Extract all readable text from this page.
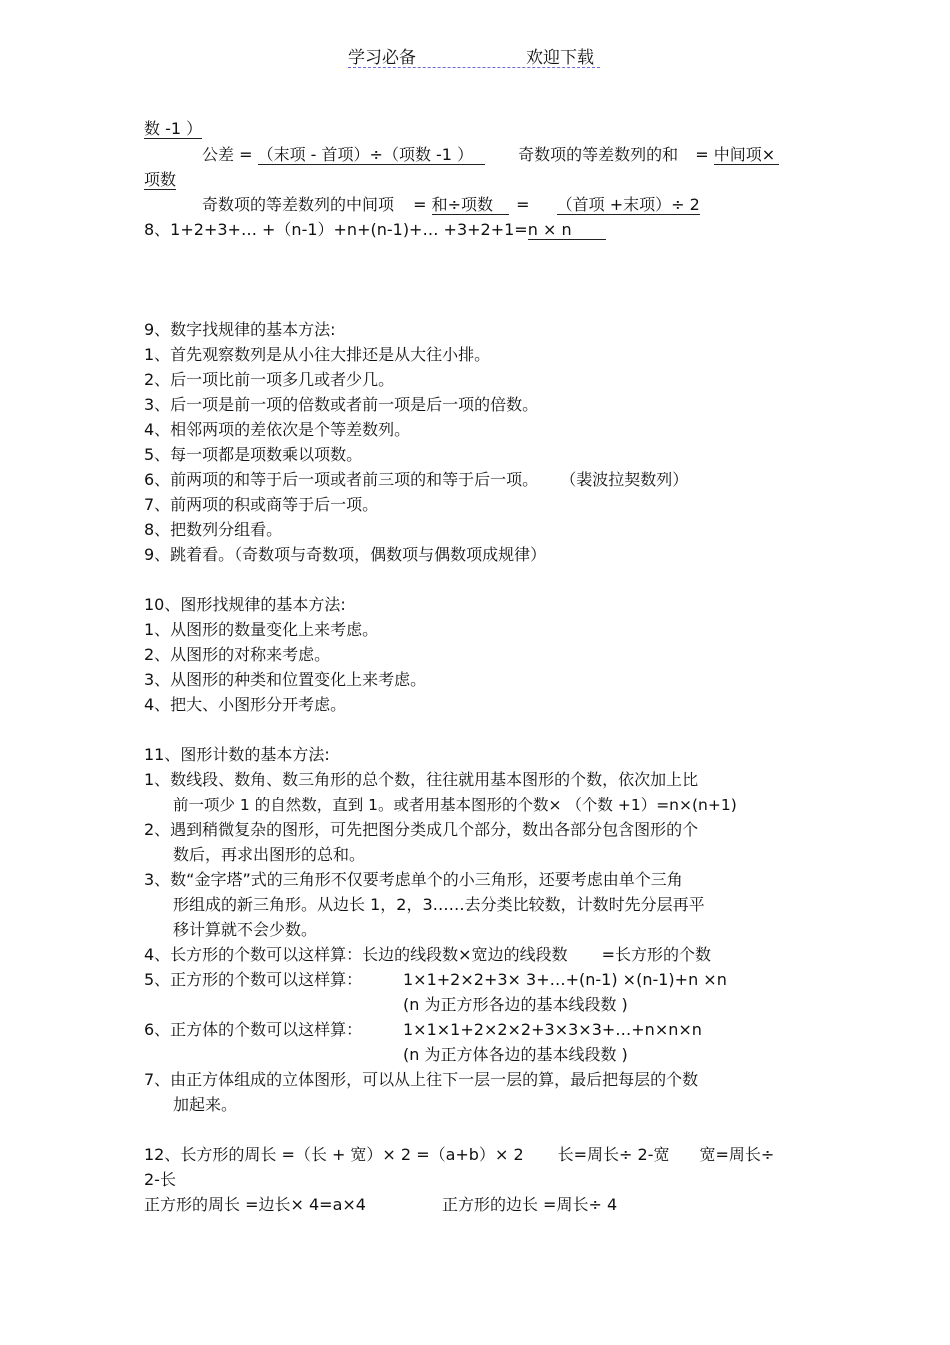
学习必备	欢迎下载
数 -1 ）
公差 = （末项 - 首项）÷（项数 -1 ）	奇数项的等差数列的和 = 中间项×
项数
奇数项的等差数列的中间项 = 和÷项数 = （首项 +末项）÷ 2
8、1+2+3+… +（n-1）+n+(n-1)+… +3+2+1=n × n
9、数字找规律的基本方法:
1、首先观察数列是从小往大排还是从大往小排。
2、后一项比前一项多几或者少几。
3、后一项是前一项的倍数或者前一项是后一项的倍数。
4、相邻两项的差依次是个等差数列。
5、每一项都是项数乘以项数。
6、前两项的和等于后一项或者前三项的和等于后一项。 （裴波拉契数列）
7、前两项的积或商等于后一项。
8、把数列分组看。
9、跳着看。（奇数项与奇数项，偶数项与偶数项成规律）
10、图形找规律的基本方法:
1、从图形的数量变化上来考虑。
2、从图形的对称来考虑。
3、从图形的种类和位置变化上来考虑。
4、把大、小图形分开考虑。
11、图形计数的基本方法:
1、数线段、数角、数三角形的总个数，往往就用基本图形的个数，依次加上比
前一项少 1 的自然数，直到 1。或者用基本图形的个数× （个数 +1）=n×(n+1)
2、遇到稍微复杂的图形，可先把图分类成几个部分，数出各部分包含图形的个
数后，再求出图形的总和。
3、数“金字塔”式的三角形不仅要考虑单个的小三角形，还要考虑由单个三角
形组成的新三角形。从边长 1，2，3……去分类比较数，计数时先分层再平
移计算就不会少数。
4、长方形的个数可以这样算：长边的线段数×宽边的线段数 =长方形的个数
5、正方形的个数可以这样算：	1×1+2×2+3× 3+…+(n-1) ×(n-1)+n ×n
(n 为正方形各边的基本线段数 )
6、正方体的个数可以这样算：	1×1×1+2×2×2+3×3×3+…+n×n×n
(n 为正方体各边的基本线段数 )
7、由正方体组成的立体图形，可以从上往下一层一层的算，最后把每层的个数
加起来。
12、长方形的周长 =（长 + 宽）× 2 =（a+b）× 2 长=周长÷ 2-宽 宽=周长÷
2-长
正方形的周长 =边长× 4=a×4	正方形的边长 =周长÷ 4
